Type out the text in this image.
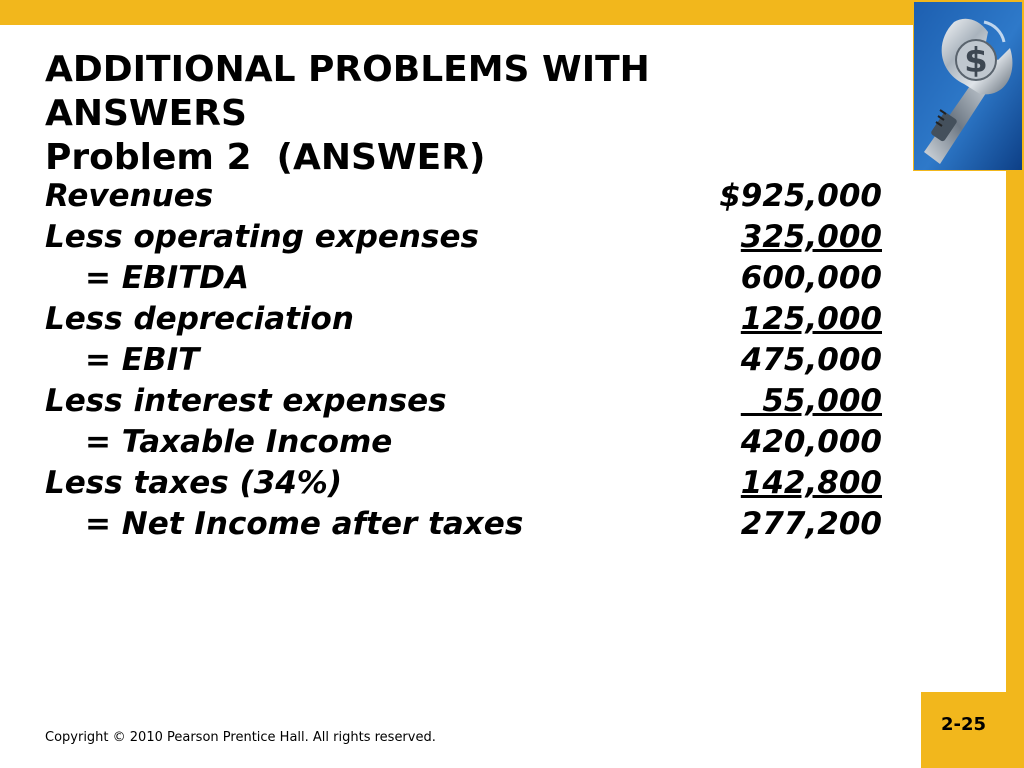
$
ADDITIONAL PROBLEMS WITH
ANSWERS
Problem 2  (ANSWER)
Revenues	$925,000
Less operating expenses	325,000
= EBITDA	600,000
Less depreciation	125,000
= EBIT	475,000
Less interest expenses	55,000
= Taxable Income	420,000
Less taxes (34%)	142,800
= Net Income after taxes	277,200
Copyright © 2010 Pearson Prentice Hall. All rights reserved.
2-25
